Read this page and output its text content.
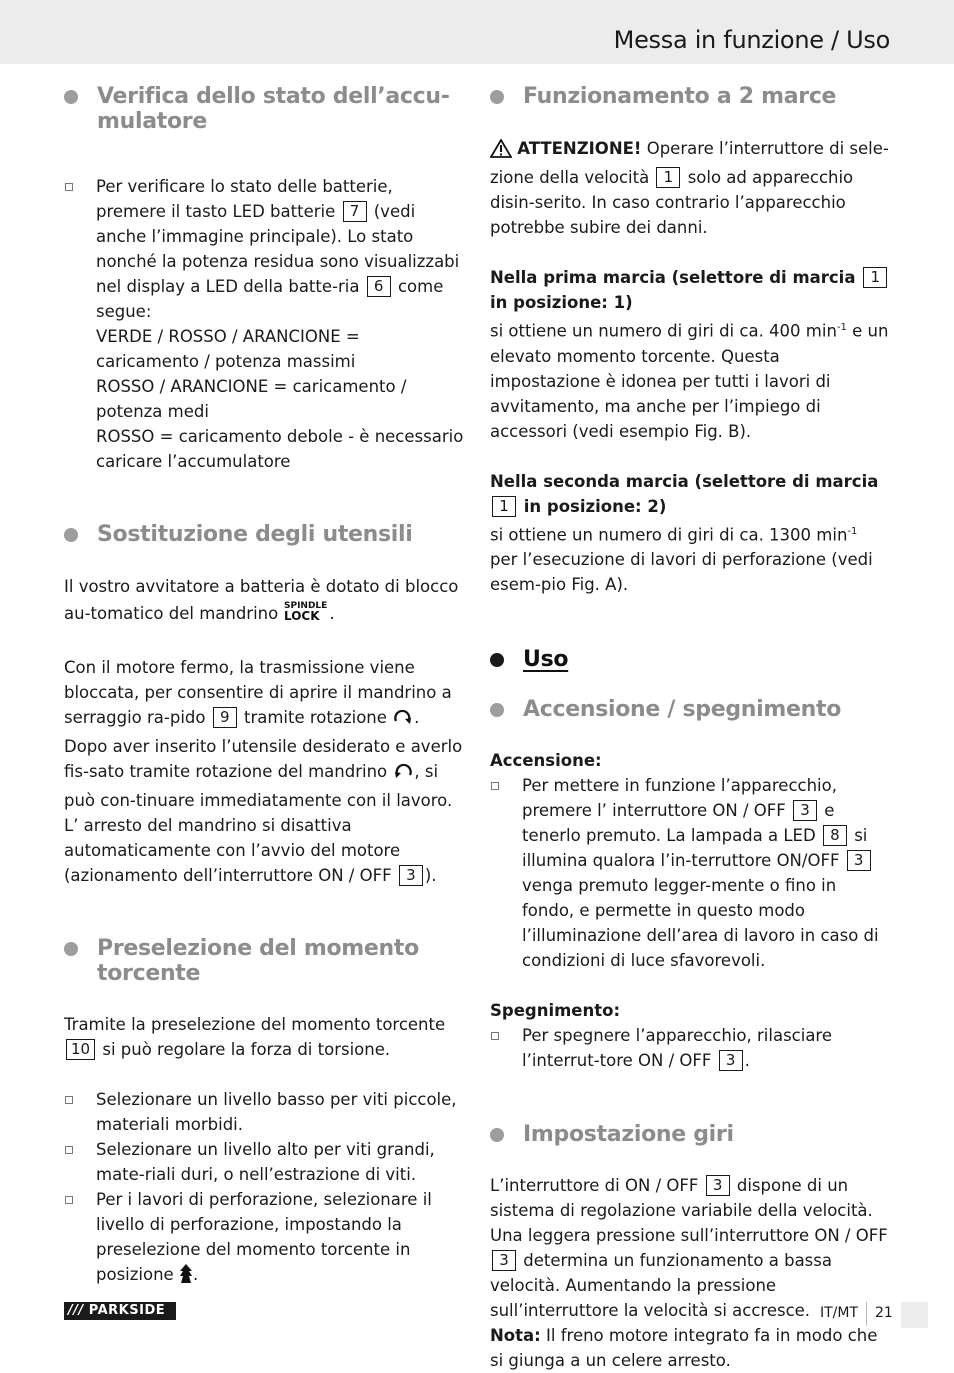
Messa in funzione / Uso
Verifica dello stato dell’accu-mulatore
Per verificare lo stato delle batterie, premere il tasto LED batterie 7 (vedi anche l’immagine principale). Lo stato nonché la potenza residua sono visualizzabi nel display a LED della batte-ria 6 come segue:
VERDE / ROSSO / ARANCIONE = caricamento / potenza massimi
ROSSO / ARANCIONE = caricamento / potenza medi
ROSSO = caricamento debole - è necessario caricare l’accumulatore
Sostituzione degli utensili

Il vostro avvitatore a batteria è dotato di blocco au-tomatico del mandrino SPINDLE
LOCK .

Con il motore fermo, la trasmissione viene bloccata, per consentire di aprire il mandrino a serraggio ra-pido 9 tramite rotazione .

Dopo aver inserito l’utensile desiderato e averlo fis-sato tramite rotazione del mandrino , si può con-tinuare immediatamente con il lavoro. L’ arresto del mandrino si disattiva automaticamente con l’avvio del motore (azionamento dell’interruttore ON / OFF 3 ).

Preselezione del momento torcente

Tramite la preselezione del momento torcente 10 si può regolare la forza di torsione.

Selezionare un livello basso per viti piccole, materiali morbidi.
Selezionare un livello alto per viti grandi, mate-riali duri, o nell’estrazione di viti.
Per i lavori di perforazione, selezionare il livello di perforazione, impostando la preselezione del momento torcente in posizione .
Funzionamento a 2 marce

ATTENZIONE! Operare l’interruttore di sele-zione della velocità 1 solo ad apparecchio disin-serito. In caso contrario l’apparecchio potrebbe subire dei danni.

Nella prima marcia (selettore di marcia 1 in posizione: 1)

si ottiene un numero di giri di ca. 400 $\min^{-1} e$ un elevato momento torcente. Questa impostazione è idonea per tutti i lavori di avvitamento, ma anche per l’impiego di accessori (vedi esempio Fig. B).

Nella seconda marcia (selettore di marcia 1 in posizione: 2)

si ottiene un numero di giri di ca. 1300 $\min^{-1}$ per l’esecuzione di lavori di perforazione (vedi esem-pio Fig. A).

Uso
Accensione / spegnimento

Accensione:

Per mettere in funzione l’apparecchio, premere l’ interruttore ON / OFF 3 e tenerlo premuto. La lampada a LED 8 si illumina qualora l’in-terruttore ON/OFF 3 venga premuto legger-mente o fino in fondo, e permette in questo modo l’illuminazione dell’area di lavoro in caso di condizioni di luce sfavorevoli.

Spegnimento:

Per spegnere l’apparecchio, rilasciare l’interrut-tore ON / OFF 3 .
Impostazione giri

L’interruttore di ON / OFF 3 dispone di un sistema di regolazione variabile della velocità. Una leggera pressione sull’interruttore ON / OFF 3 determina un funzionamento a bassa velocità. Aumentando la pressione sull’interruttore la velocità si accresce.

Nota: Il freno motore integrato fa in modo che si giunga a un celere arresto.

/// PARKSIDE	IT/MT 21
